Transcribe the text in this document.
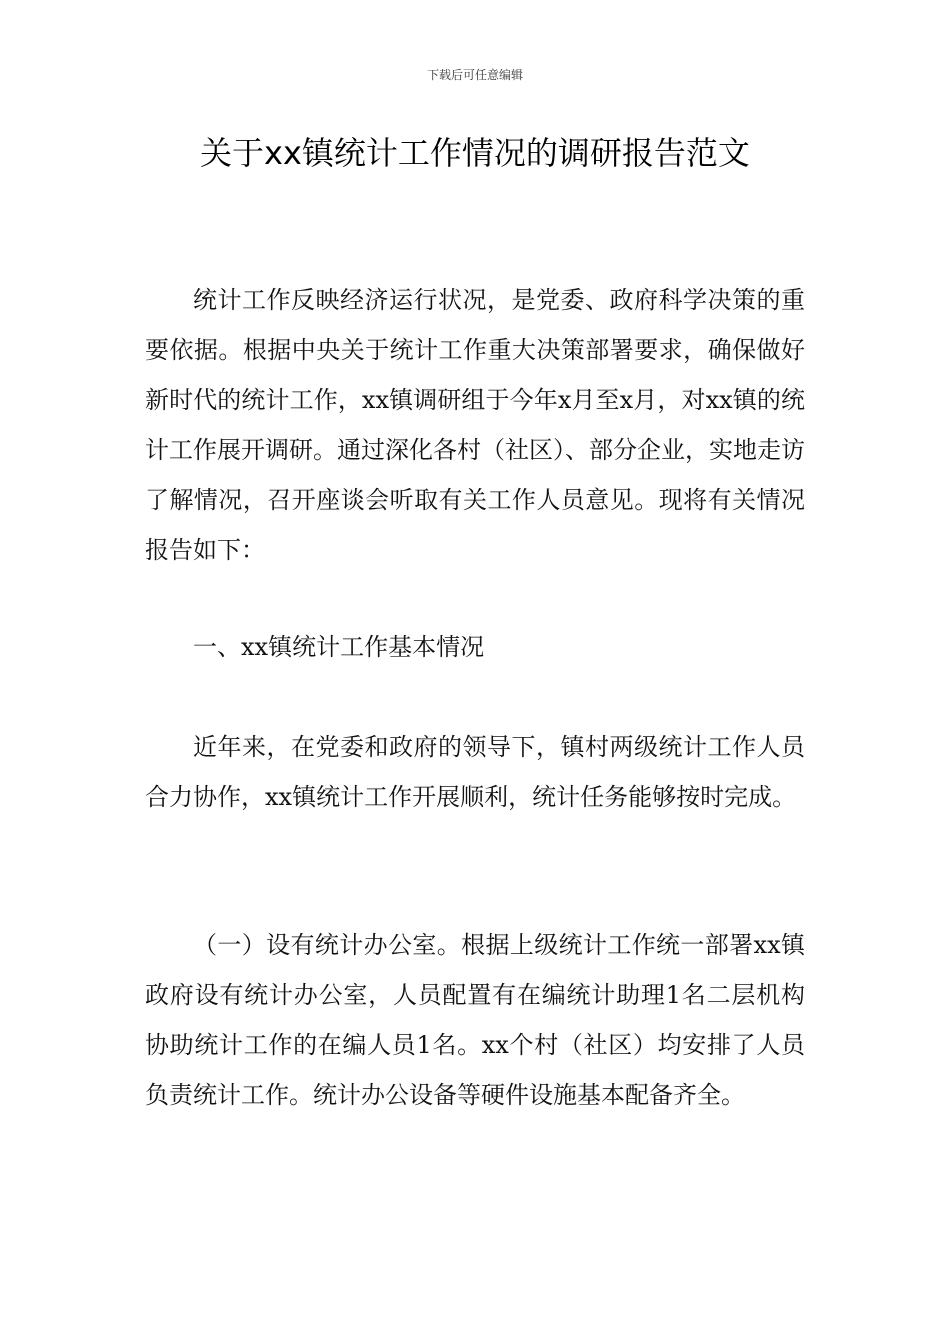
下载后可任意编辑
关于xx镇统计工作情况的调研报告范文

统计工作反映经济运行状况，是党委、政府科学决策的重要依据。根据中央关于统计工作重大决策部署要求，确保做好新时代的统计工作，xx镇调研组于今年x月至x月，对xx镇的统计工作展开调研。通过深化各村（社区）、部分企业，实地走访了解情况，召开座谈会听取有关工作人员意见。现将有关情况报告如下：

一、xx镇统计工作基本情况

近年来，在党委和政府的领导下，镇村两级统计工作人员合力协作，xx镇统计工作开展顺利，统计任务能够按时完成。

（一）设有统计办公室。根据上级统计工作统一部署xx镇政府设有统计办公室，人员配置有在编统计助理1名二层机构协助统计工作的在编人员1名。xx个村（社区）均安排了人员负责统计工作。统计办公设备等硬件设施基本配备齐全。
